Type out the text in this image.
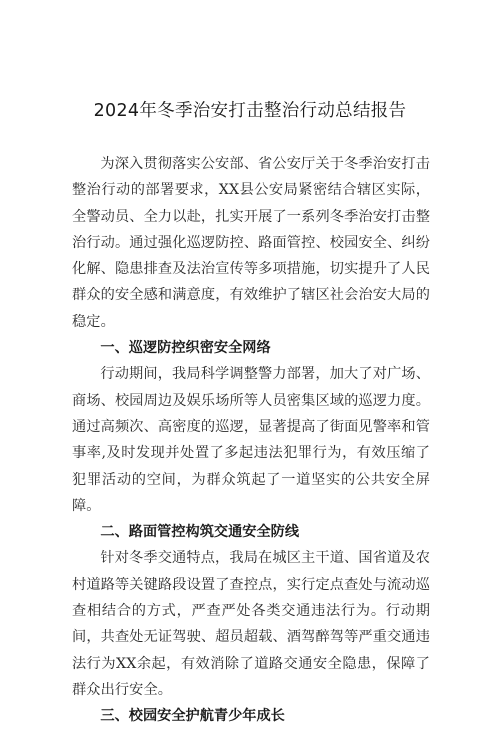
2024年冬季治安打击整治行动总结报告

为深入贯彻落实公安部、省公安厅关于冬季治安打击整治行动的部署要求，XX县公安局紧密结合辖区实际，全警动员、全力以赴，扎实开展了一系列冬季治安打击整治行动。通过强化巡逻防控、路面管控、校园安全、纠纷化解、隐患排查及法治宣传等多项措施，切实提升了人民群众的安全感和满意度，有效维护了辖区社会治安大局的稳定。

一、巡逻防控织密安全网络

行动期间，我局科学调整警力部署，加大了对广场、商场、校园周边及娱乐场所等人员密集区域的巡逻力度。通过高频次、高密度的巡逻，显著提高了街面见警率和管事率,及时发现并处置了多起违法犯罪行为，有效压缩了犯罪活动的空间，为群众筑起了一道坚实的公共安全屏障。

二、路面管控构筑交通安全防线

针对冬季交通特点，我局在城区主干道、国省道及农村道路等关键路段设置了查控点，实行定点查处与流动巡查相结合的方式，严查严处各类交通违法行为。行动期间，共查处无证驾驶、超员超载、酒驾醉驾等严重交通违法行为XX余起，有效消除了道路交通安全隐患，保障了群众出行安全。

三、校园安全护航青少年成长
